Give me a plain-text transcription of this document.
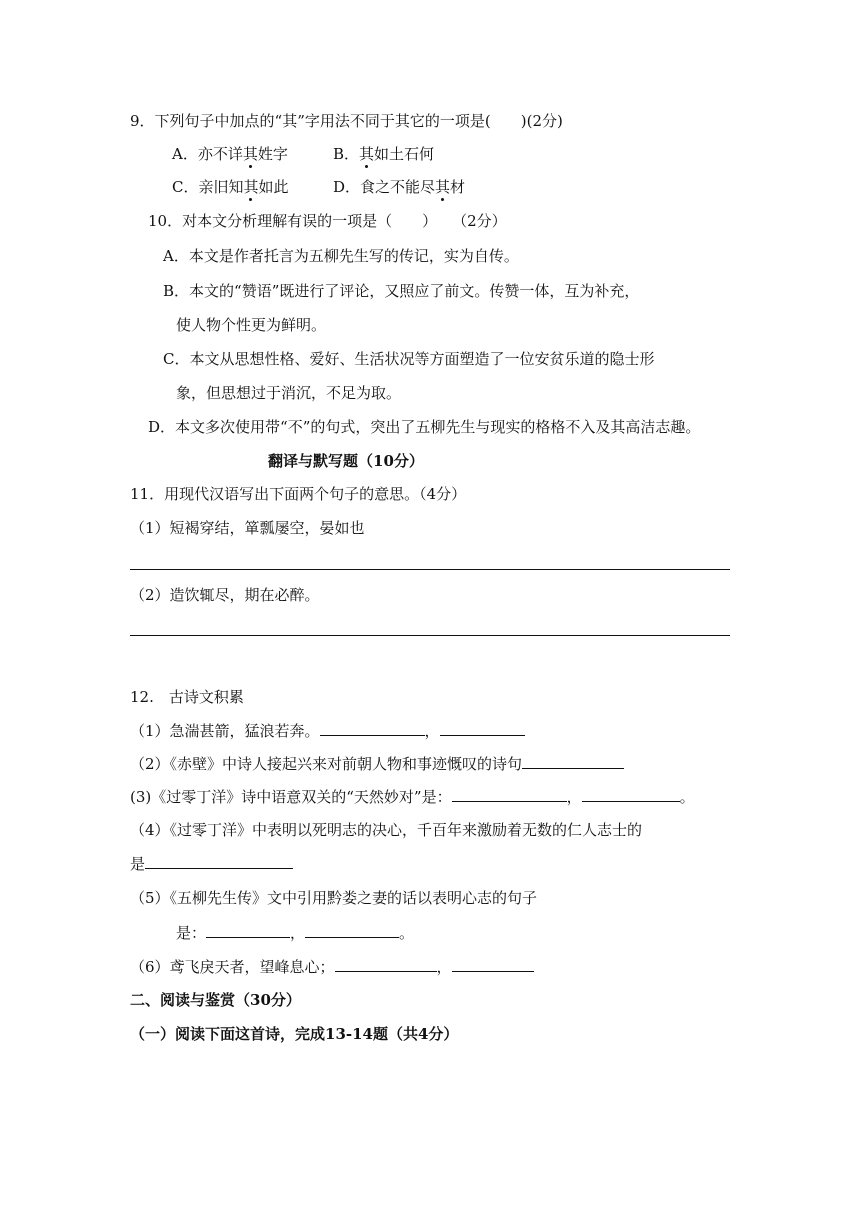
9．下列句子中加点的“其”字用法不同于其它的一项是(　　)(2分)
A．亦不详其姓字	B．其如土石何
C．亲旧知其如此	D．食之不能尽其材
10．对本文分析理解有误的一项是（　　）　　（2分）
A．本文是作者托言为五柳先生写的传记，实为自传。
B．本文的“赞语”既进行了评论，又照应了前文。传赞一体，互为补充，
使人物个性更为鲜明。
C．本文从思想性格、爱好、生活状况等方面塑造了一位安贫乐道的隐士形
象，但思想过于消沉，不足为取。
D．本文多次使用带“不”的句式，突出了五柳先生与现实的格格不入及其高洁志趣。
翻译与默写题（10分）
11．用现代汉语写出下面两个句子的意思。（4分）
（1）短褐穿结，箪瓢屡空，晏如也
（2）造饮辄尽，期在必醉。
12.　古诗文积累
（1）急湍甚箭，猛浪若奔。	，
（2）《赤壁》中诗人接起兴来对前朝人物和事迹慨叹的诗句
(3)《过零丁洋》诗中语意双关的“天然妙对”是：	，	。
（4）《过零丁洋》中表明以死明志的决心，千百年来激励着无数的仁人志士的
是
（5）《五柳先生传》文中引用黔娄之妻的话以表明心志的句子
是：	，	。
（6）鸢飞戾天者，望峰息心；	，
二、阅读与鉴赏（30分）
（一）阅读下面这首诗，完成13-14题（共4分）
